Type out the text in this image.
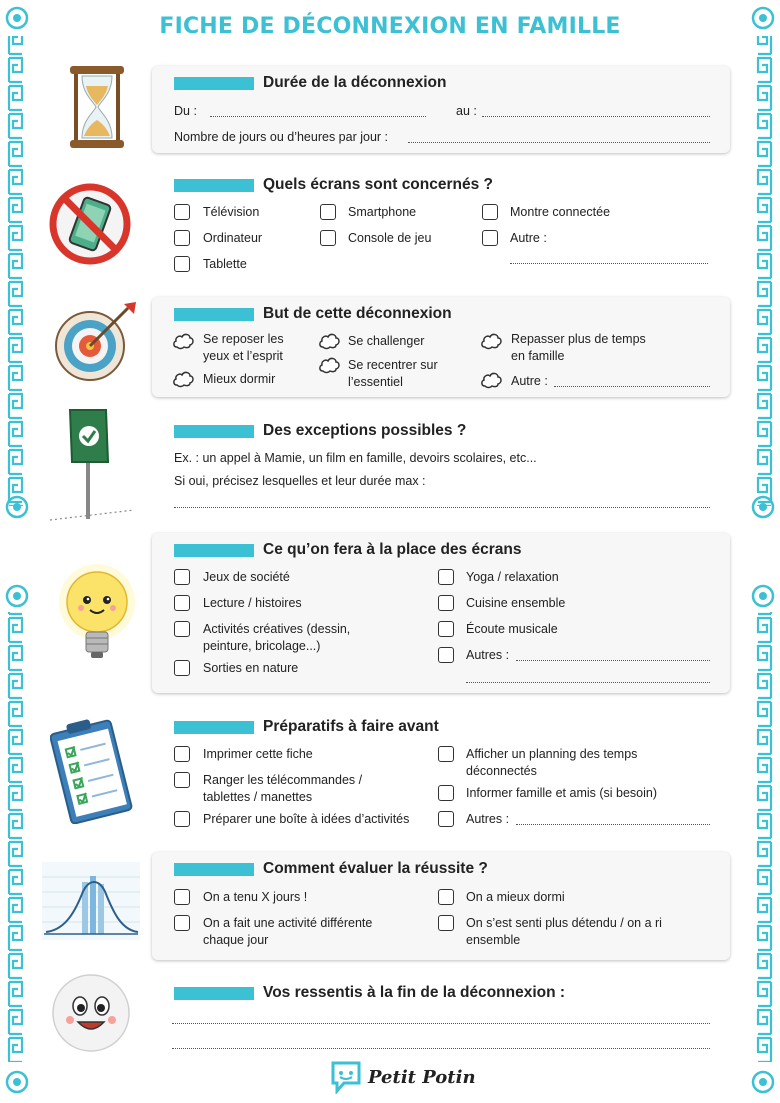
FICHE DE DÉCONNEXION EN FAMILLE
Durée de la déconnexion
Du :	au :
Nombre de jours ou d’heures par jour :
Quels écrans sont concernés ?
Télévision
Ordinateur
Tablette
Smartphone
Console de jeu
Montre connectée
Autre :
But de cette déconnexion
Se reposer les
yeux et l’esprit
Mieux dormir
Se challenger
Se recentrer sur
l’essentiel
Repasser plus de temps
en famille
Autre :
Des exceptions possibles ?
Ex. : un appel à Mamie, un film en famille, devoirs scolaires, etc...
Si oui, précisez lesquelles et leur durée max :
Ce qu’on fera à la place des écrans
Jeux de société
Lecture / histoires
Activités créatives (dessin,
peinture, bricolage...)
Sorties en nature
Yoga / relaxation
Cuisine ensemble
Écoute musicale
Autres :
Préparatifs à faire avant
Imprimer cette fiche
Ranger les télécommandes /
tablettes / manettes
Préparer une boîte à idées d’activités
Afficher un planning des temps
déconnectés
Informer famille et amis (si besoin)
Autres :
Comment évaluer la réussite ?
On a tenu X jours !
On a fait une activité différente
chaque jour
On a mieux dormi
On s’est senti plus détendu / on a ri
ensemble
Vos ressentis à la fin de la déconnexion :
Petit Potin
